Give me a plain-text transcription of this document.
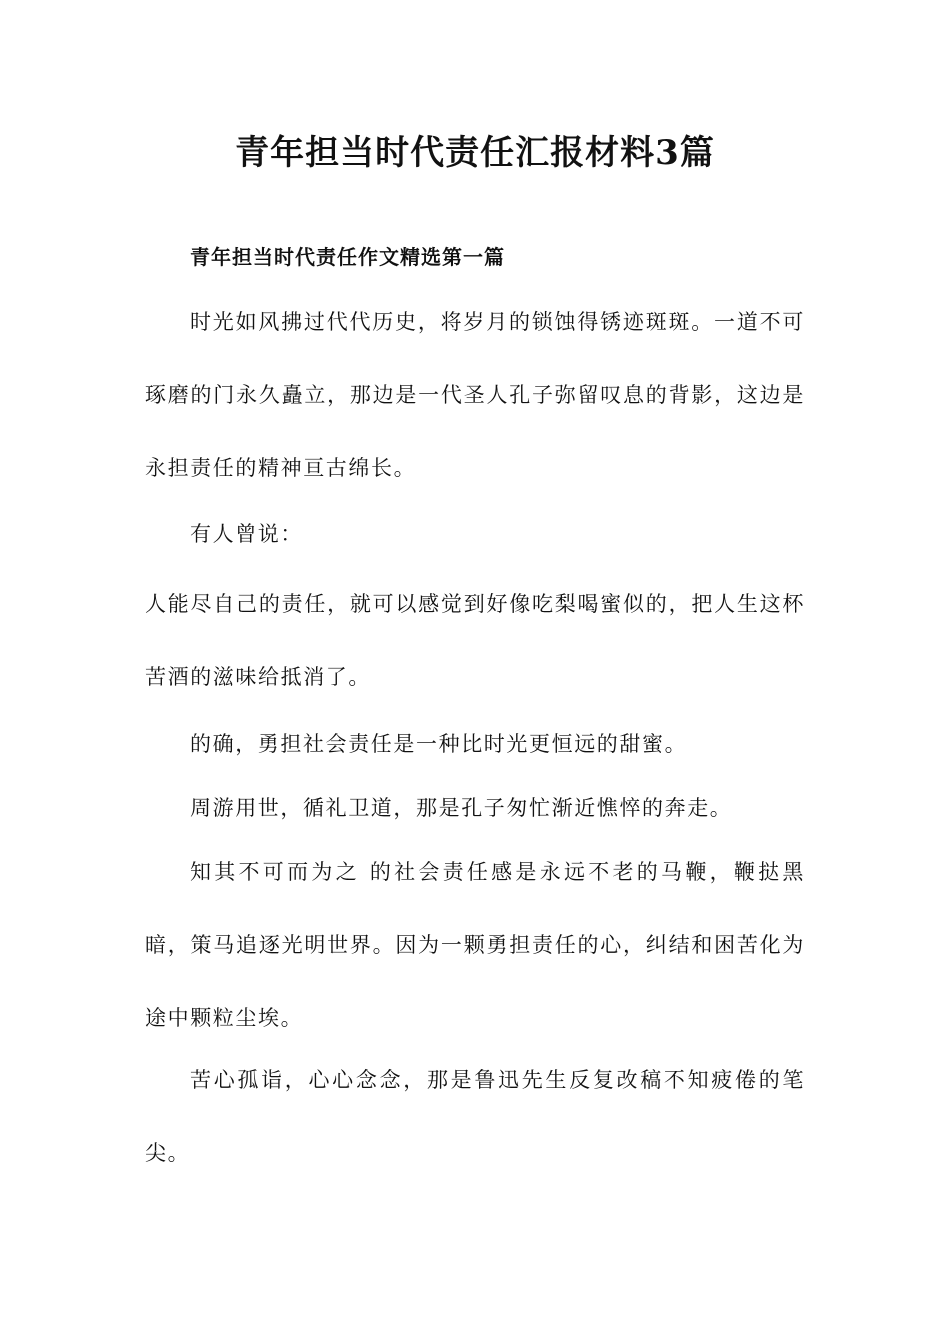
青年担当时代责任汇报材料3篇
青年担当时代责任作文精选第一篇

时光如风拂过代代历史，将岁月的锁蚀得锈迹斑斑。一道不可琢磨的门永久矗立，那边是一代圣人孔子弥留叹息的背影，这边是永担责任的精神亘古绵长。

有人曾说：

人能尽自己的责任，就可以感觉到好像吃梨喝蜜似的，把人生这杯苦酒的滋味给抵消了。

的确，勇担社会责任是一种比时光更恒远的甜蜜。

周游用世，循礼卫道，那是孔子匆忙渐近憔悴的奔走。

知其不可而为之 的社会责任感是永远不老的马鞭，鞭挞黑暗，策马追逐光明世界。因为一颗勇担责任的心，纠结和困苦化为途中颗粒尘埃。

苦心孤诣，心心念念，那是鲁迅先生反复改稿不知疲倦的笔尖。
